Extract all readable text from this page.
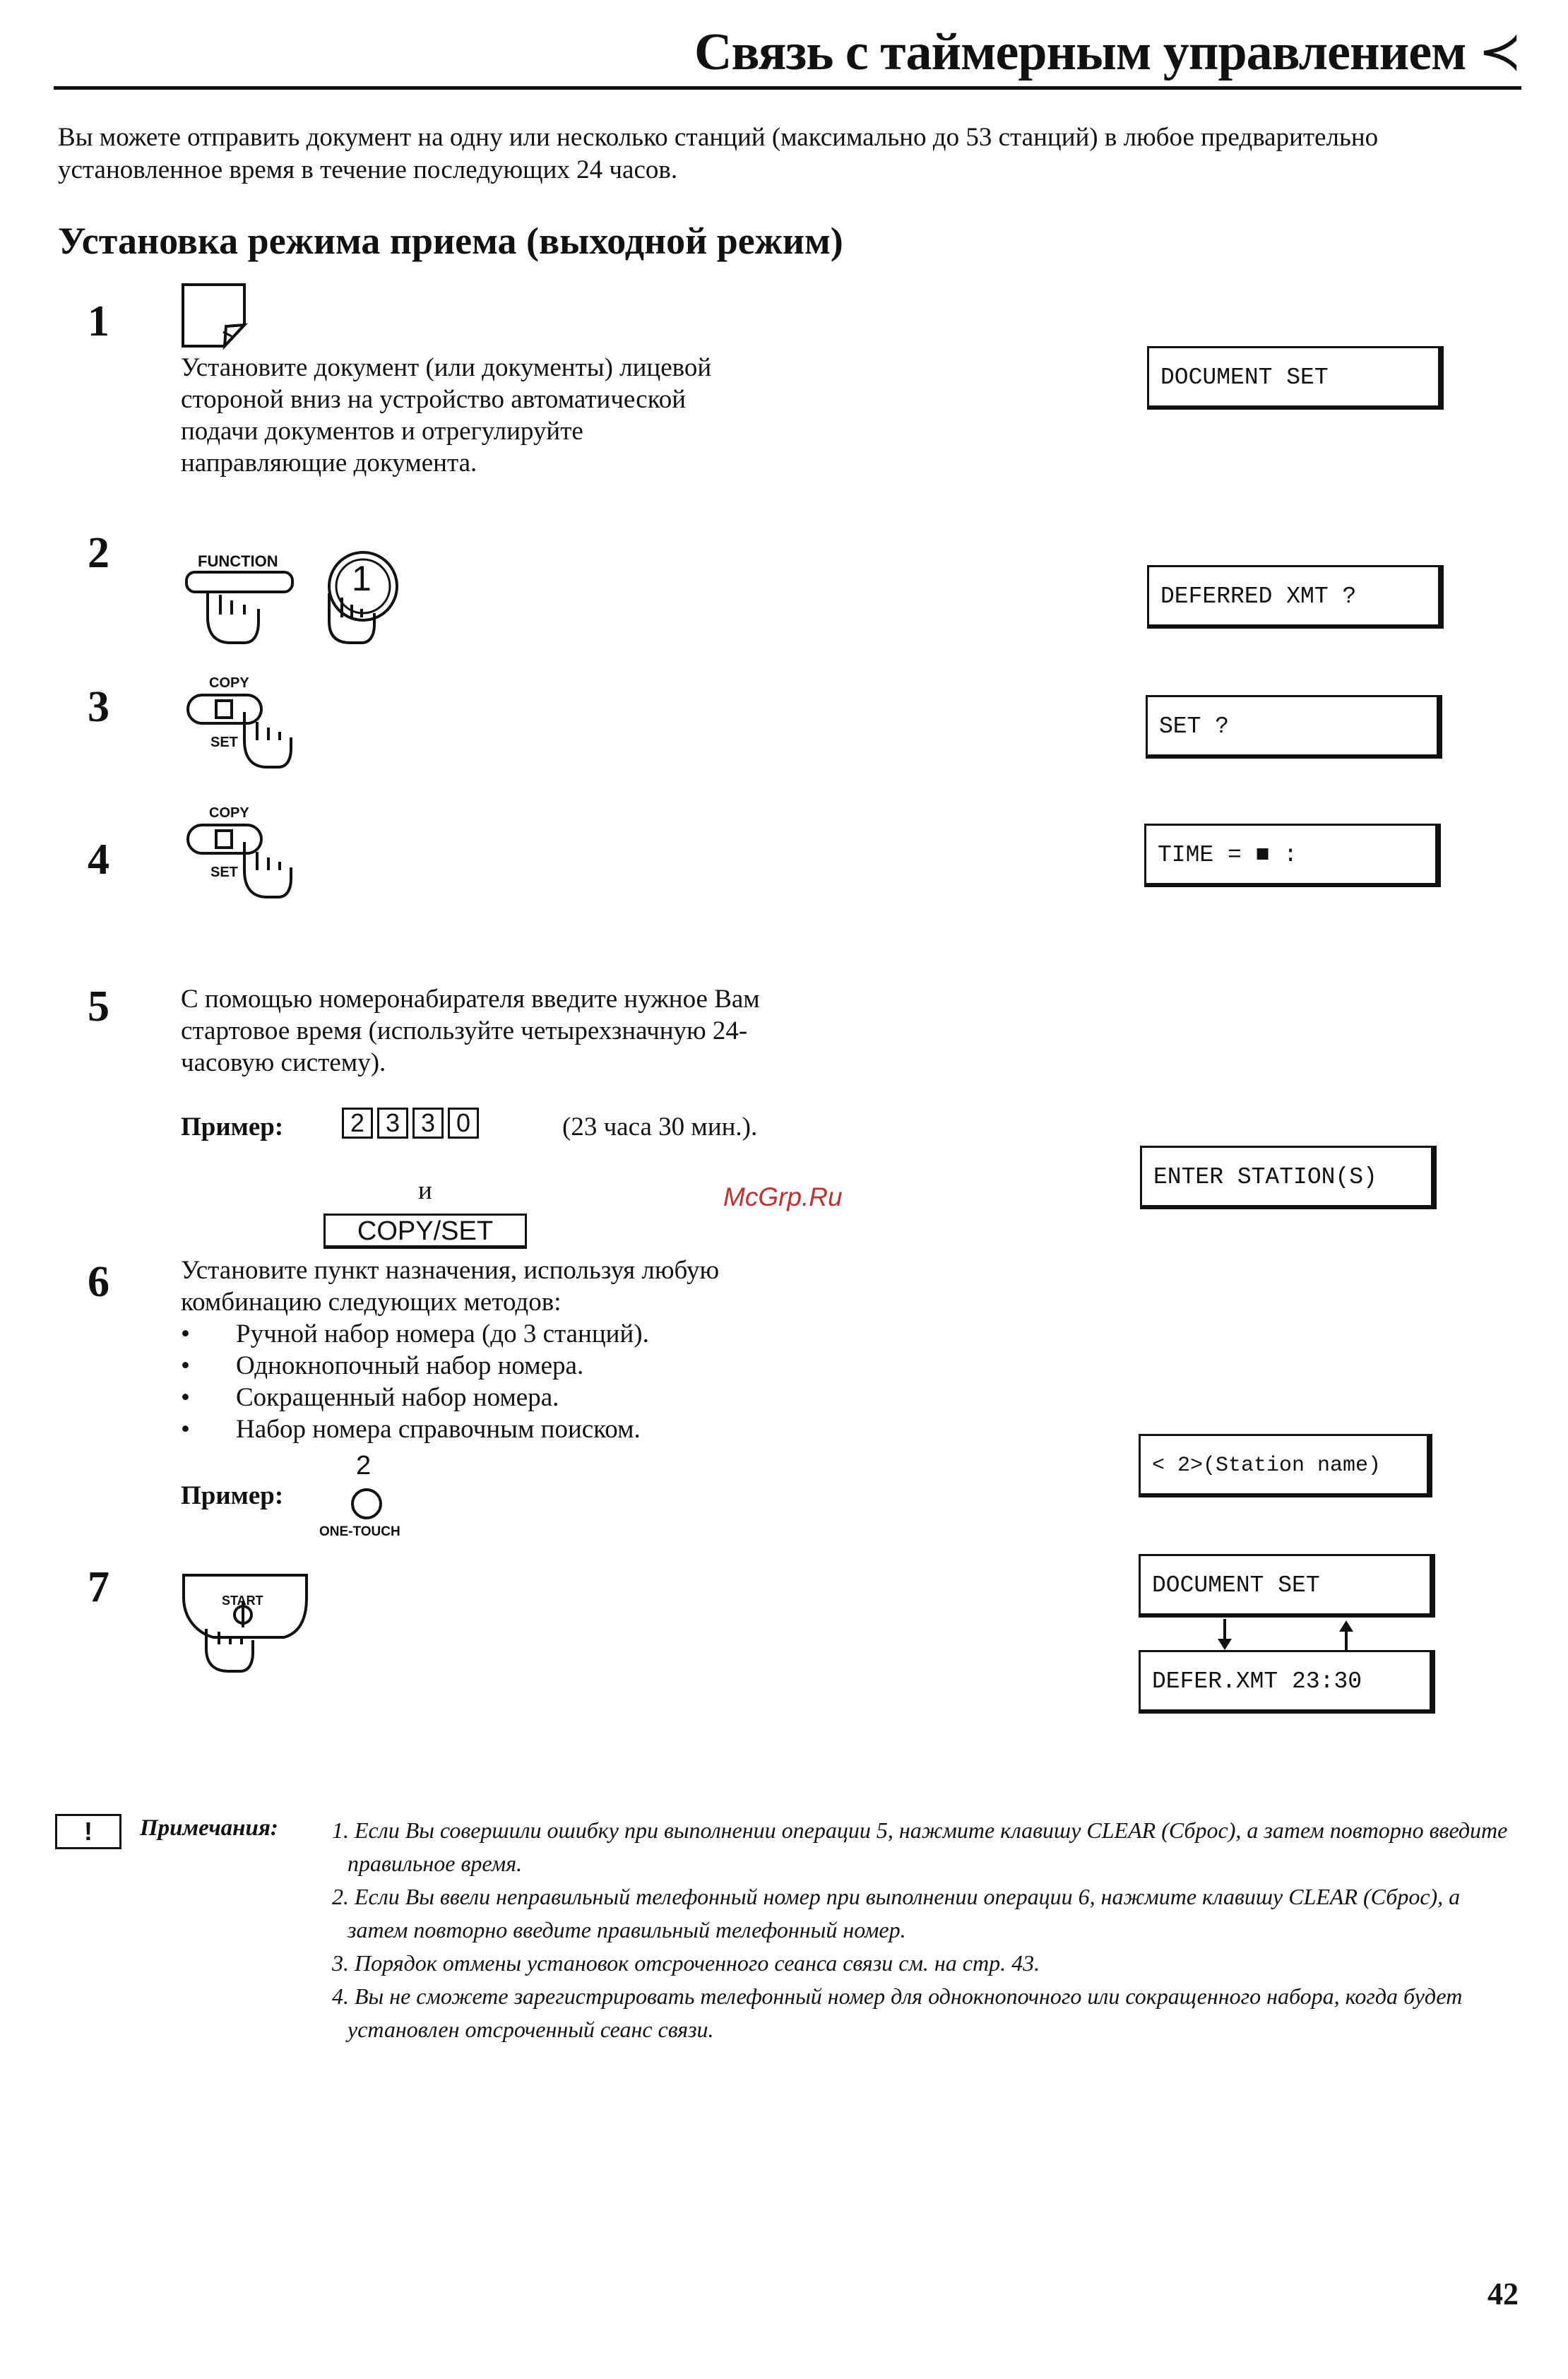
Связь с таймерным управлением ≺
Вы можете отправить документ на одну или несколько станций (максимально до 53 станций) в любое предварительно установленное время в течение последующих 24 часов.
Установка режима приема (выходной режим)
1
Установите документ (или документы) лицевой стороной вниз на устройство автоматической подачи документов и отрегулируйте направляющие документа.
DOCUMENT SET
2	FUNCTION 1	DEFERRED XMT ?
3	COPY
SET
SET ?
4
COPY
SET
TIME = ■ :
5	С помощью номеронабирателя введите нужное Вам стартовое время (используйте четырехзначную 24-часовую систему).
Пример:	2 3 3 0	(23 часа 30 мин.).
и
COPY/SET
ENTER STATION(S)
McGrp.Ru
6	Установите пункт назначения, используя любую комбинацию следующих методов:
• Ручной набор номера (до 3 станций).
• Однокнопочный набор номера.
• Сокращенный набор номера.
• Набор номера справочным поиском.
Пример:
2
ONE-TOUCH
< 2>(Station name)
7	START
DOCUMENT SET
DEFER.XMT 23:30
!	Примечания: 1. Если Вы совершили ошибку при выполнении операции 5, нажмите клавишу CLEAR (Сброс), а затем повторно введите правильное время.
2. Если Вы ввели неправильный телефонный номер при выполнении операции 6, нажмите клавишу CLEAR (Сброс), а затем повторно введите правильный телефонный номер.
3. Порядок отмены установок отсроченного сеанса связи см. на стр. 43.
4. Вы не сможете зарегистрировать телефонный номер для однокнопочного или сокращенного набора, когда будет установлен отсроченный сеанс связи.
42
